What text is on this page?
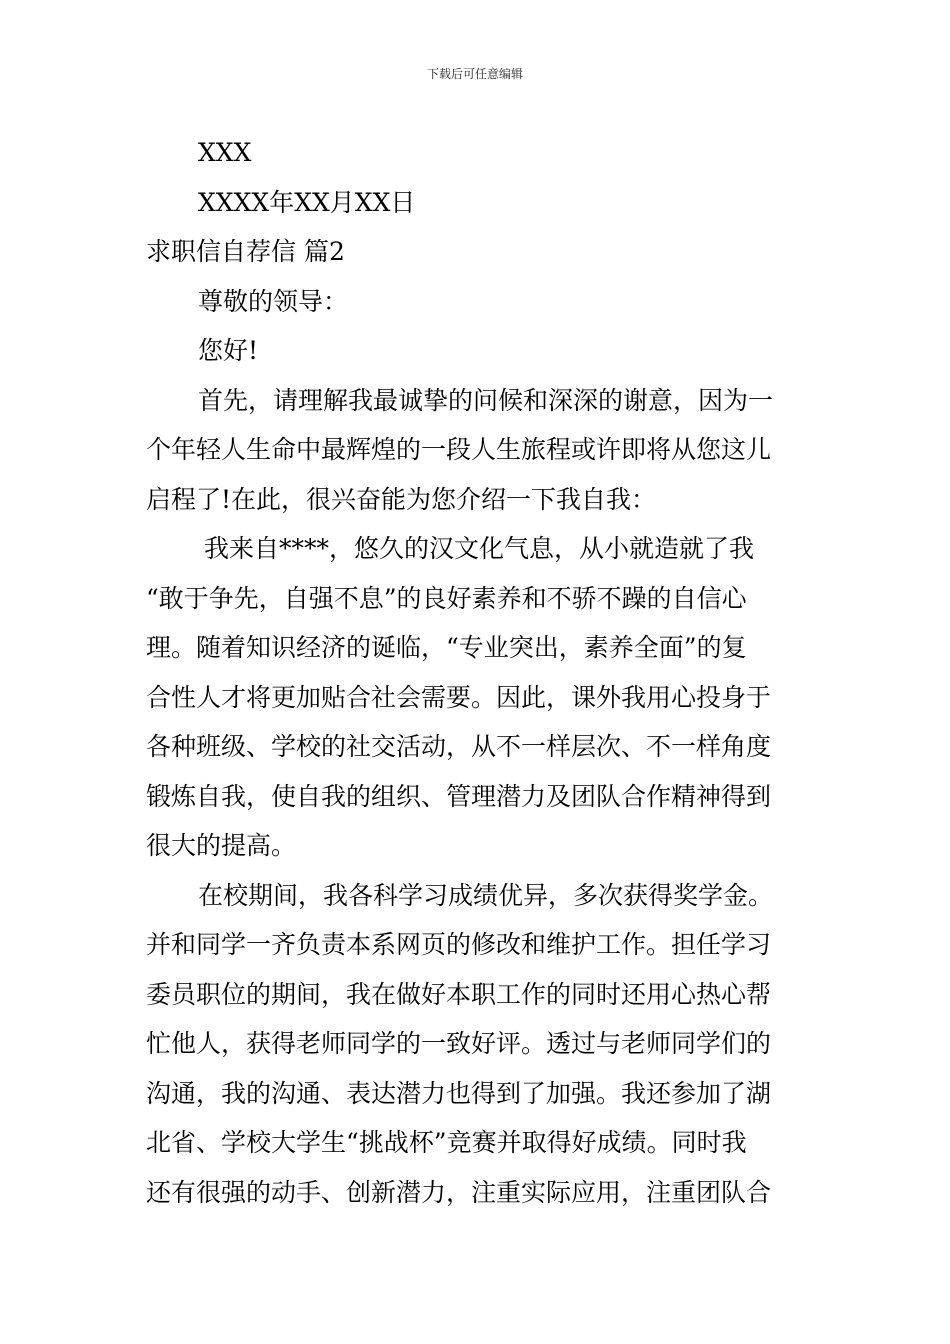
下载后可任意编辑
XXX
XXXX年XX月XX日
求职信自荐信 篇2
尊敬的领导：
您好!
首先，请理解我最诚挚的问候和深深的谢意，因为一
个年轻人生命中最辉煌的一段人生旅程或许即将从您这儿
启程了!在此，很兴奋能为您介绍一下我自我：
我来自****，悠久的汉文化气息，从小就造就了我
“敢于争先，自强不息”的良好素养和不骄不躁的自信心
理。随着知识经济的诞临，“专业突出，素养全面”的复
合性人才将更加贴合社会需要。因此，课外我用心投身于
各种班级、学校的社交活动，从不一样层次、不一样角度
锻炼自我，使自我的组织、管理潜力及团队合作精神得到
很大的提高。
在校期间，我各科学习成绩优异，多次获得奖学金。
并和同学一齐负责本系网页的修改和维护工作。担任学习
委员职位的期间，我在做好本职工作的同时还用心热心帮
忙他人，获得老师同学的一致好评。透过与老师同学们的
沟通，我的沟通、表达潜力也得到了加强。我还参加了湖
北省、学校大学生“挑战杯”竞赛并取得好成绩。同时我
还有很强的动手、创新潜力，注重实际应用，注重团队合
